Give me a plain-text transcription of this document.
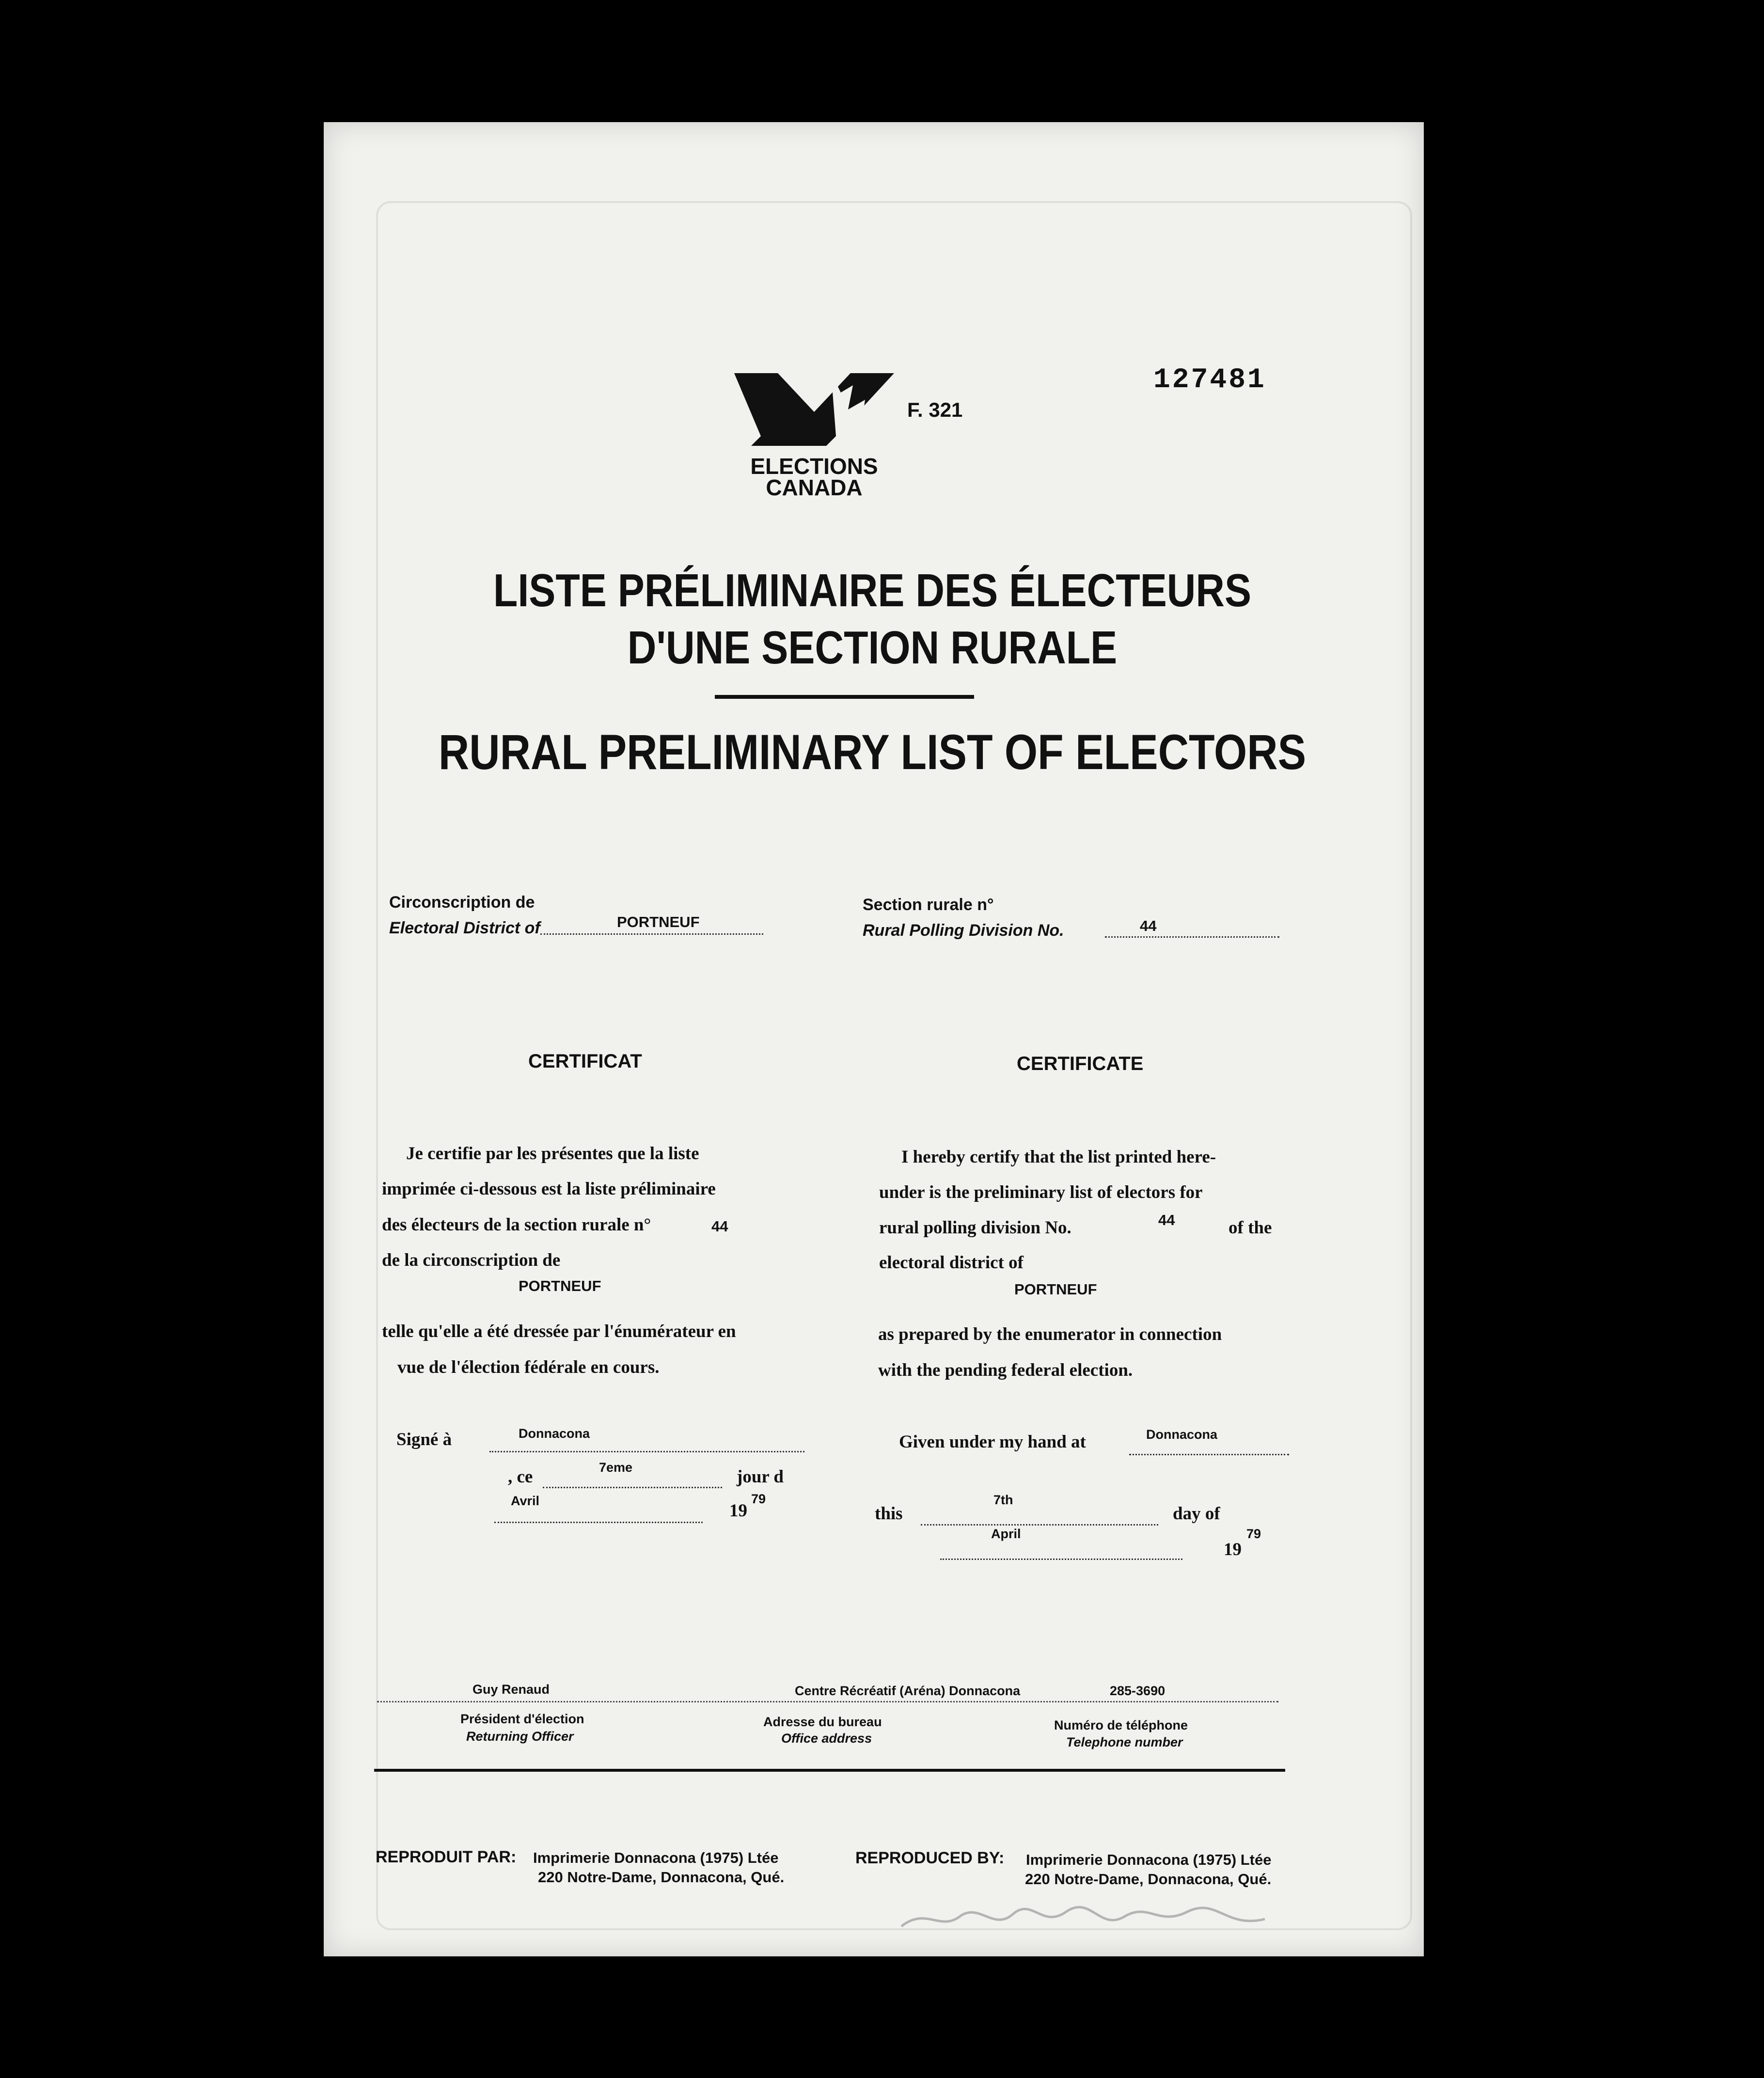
ELECTIONS
CANADA
F. 321
127481
LISTE PRÉLIMINAIRE DES ÉLECTEURS
D'UNE SECTION RURALE
RURAL PRELIMINARY LIST OF ELECTORS
Circonscription de
Electoral District of	PORTNEUF
Section rurale n°
Rural Polling Division No.	44
CERTIFICAT	CERTIFICATE
Je certifie par les présentes que la liste
imprimée ci-dessous est la liste préliminaire
des électeurs de la section rurale n°	44
de la circonscription de
PORTNEUF
telle qu'elle a été dressée par l'énumérateur en
vue de l'élection fédérale en cours.
I hereby certify that the list printed here-
under is the preliminary list of electors for
rural polling division No.	44	of the
electoral district of
PORTNEUF
as prepared by the enumerator in connection
with the pending federal election.
Signé à	Donnacona
, ce	7eme	jour d
Avril	19
79
Given under my hand at	Donnacona
this
7th
day of
April
19
79
Guy Renaud	Centre Récréatif (Aréna) Donnacona	285-3690
Président d'élection
Returning Officer
Adresse du bureau
Office address
Numéro de téléphone
Telephone number
REPRODUIT PAR: Imprimerie Donnacona (1975) Ltée
220 Notre-Dame, Donnacona, Qué.
REPRODUCED BY: Imprimerie Donnacona (1975) Ltée
220 Notre-Dame, Donnacona, Qué.
